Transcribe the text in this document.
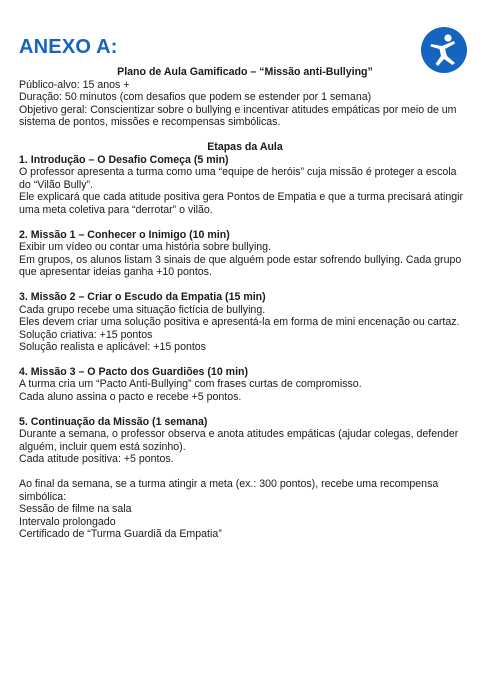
ANEXO A:

Plano de Aula Gamificado – “Missão anti-Bullying”

Público-alvo: 15 anos +

Duração: 50 minutos (com desafios que podem se estender por 1 semana)

Objetivo geral: Conscientizar sobre o bullying e incentivar atitudes empáticas por meio de um sistema de pontos, missões e recompensas simbólicas.

Etapas da Aula

1. Introdução – O Desafio Começa (5 min)

O professor apresenta a turma como uma “equipe de heróis” cuja missão é proteger a escola do “Vilão Bully”.

Ele explicará que cada atitude positiva gera Pontos de Empatia e que a turma precisará atingir uma meta coletiva para “derrotar” o vilão.

2. Missão 1 – Conhecer o Inimigo (10 min)

Exibir um vídeo ou contar uma história sobre bullying.

Em grupos, os alunos listam 3 sinais de que alguém pode estar sofrendo bullying. Cada grupo que apresentar ideias ganha +10 pontos.

3. Missão 2 – Criar o Escudo da Empatia (15 min)

Cada grupo recebe uma situação fictícia de bullying.

Eles devem criar uma solução positiva e apresentá-la em forma de mini encenação ou cartaz.

Solução criativa: +15 pontos

Solução realista e aplicável: +15 pontos

4. Missão 3 – O Pacto dos Guardiões (10 min)

A turma cria um “Pacto Anti-Bullying” com frases curtas de compromisso.

Cada aluno assina o pacto e recebe +5 pontos.

5. Continuação da Missão (1 semana)

Durante a semana, o professor observa e anota atitudes empáticas (ajudar colegas, defender alguém, incluir quem está sozinho).

Cada atitude positiva: +5 pontos.

Ao final da semana, se a turma atingir a meta (ex.: 300 pontos), recebe uma recompensa simbólica:

Sessão de filme na sala

Intervalo prolongado

Certificado de “Turma Guardiã da Empatia”
